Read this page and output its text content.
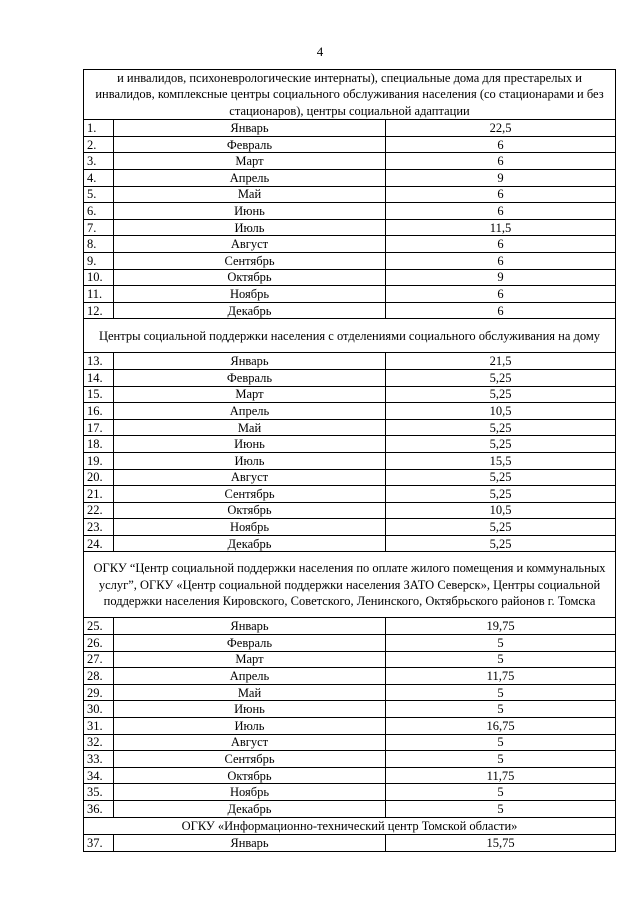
4
и инвалидов, психоневрологические интернаты), специальные дома для престарелых и инвалидов, комплексные центры социального обслуживания населения (со стационарами и без стационаров), центры социальной адаптации		
1.	Январь	22,5
2.	Февраль	6
3.	Март	6
4.	Апрель	9
5.	Май	6
6.	Июнь	6
7.	Июль	11,5
8.	Август	6
9.	Сентябрь	6
10.	Октябрь	9
11.	Ноябрь	6
12.	Декабрь	6
Центры социальной поддержки населения с отделениями социального обслуживания на дому		
13.	Январь	21,5
14.	Февраль	5,25
15.	Март	5,25
16.	Апрель	10,5
17.	Май	5,25
18.	Июнь	5,25
19.	Июль	15,5
20.	Август	5,25
21.	Сентябрь	5,25
22.	Октябрь	10,5
23.	Ноябрь	5,25
24.	Декабрь	5,25
ОГКУ “Центр социальной поддержки населения по оплате жилого помещения и коммунальных услуг”, ОГКУ «Центр социальной поддержки населения ЗАТО Северск», Центры социальной поддержки населения Кировского, Советского, Ленинского, Октябрьского районов г. Томска		
25.	Январь	19,75
26.	Февраль	5
27.	Март	5
28.	Апрель	11,75
29.	Май	5
30.	Июнь	5
31.	Июль	16,75
32.	Август	5
33.	Сентябрь	5
34.	Октябрь	11,75
35.	Ноябрь	5
36.	Декабрь	5
ОГКУ «Информационно-технический центр Томской области»		
37.	Январь	15,75
